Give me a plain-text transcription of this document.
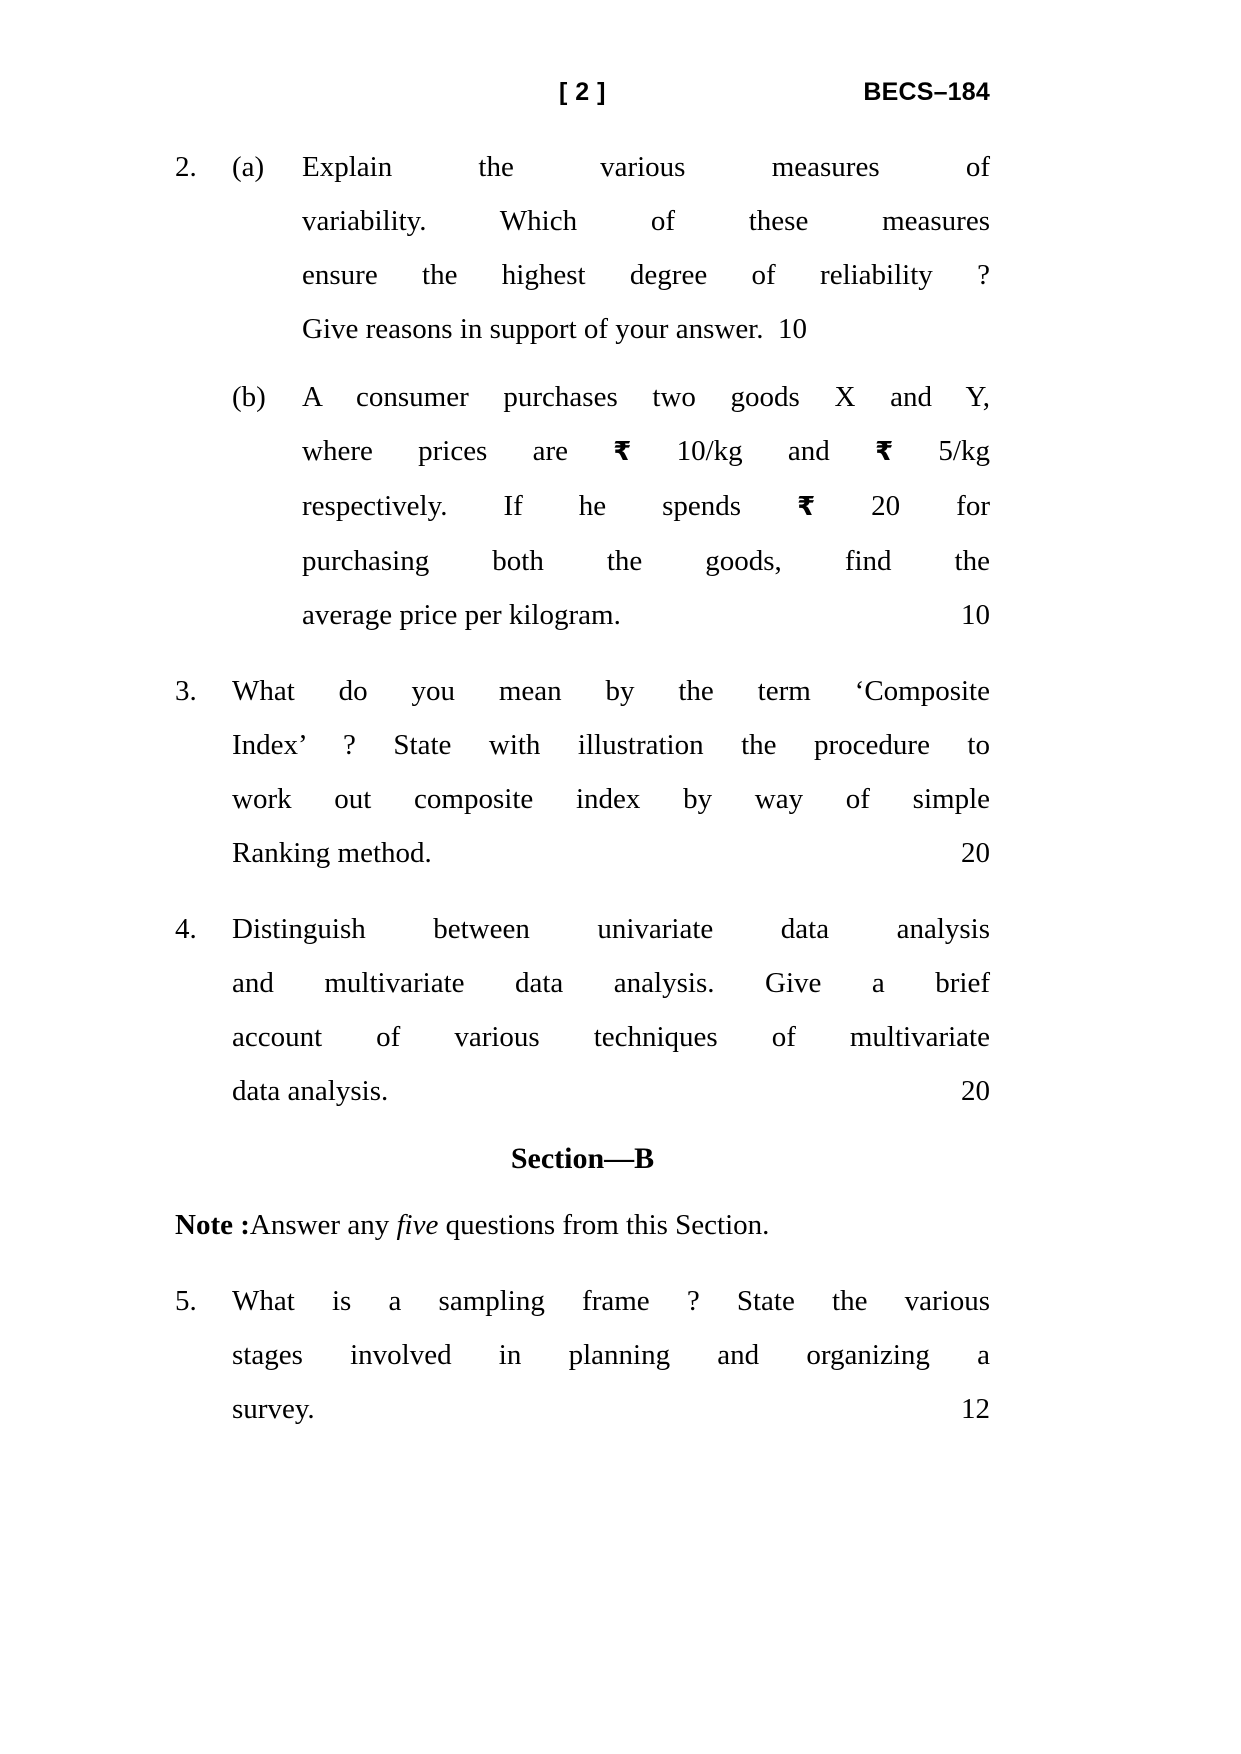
[ 2 ]	BECS–184
2.	(a)	Explain the various measures of
variability. Which of these measures
ensure the highest degree of reliability ?
Give reasons in support of your answer. 10
(b)	A consumer purchases two goods X and Y,
where prices are ₹ 10/kg and ₹ 5/kg
respectively. If he spends ₹ 20 for
purchasing both the goods, find the
10
average price per kilogram.
3.	What do you mean by the term ‘Composite
Index’ ? State with illustration the procedure to
work out composite index by way of simple
20
Ranking method.
4.	Distinguish between univariate data analysis
and multivariate data analysis. Give a brief
account of various techniques of multivariate
20
data analysis.
Section—B
Note :Answer any five questions from this Section.
5.	What is a sampling frame ? State the various
stages involved in planning and organizing a
12
survey.
